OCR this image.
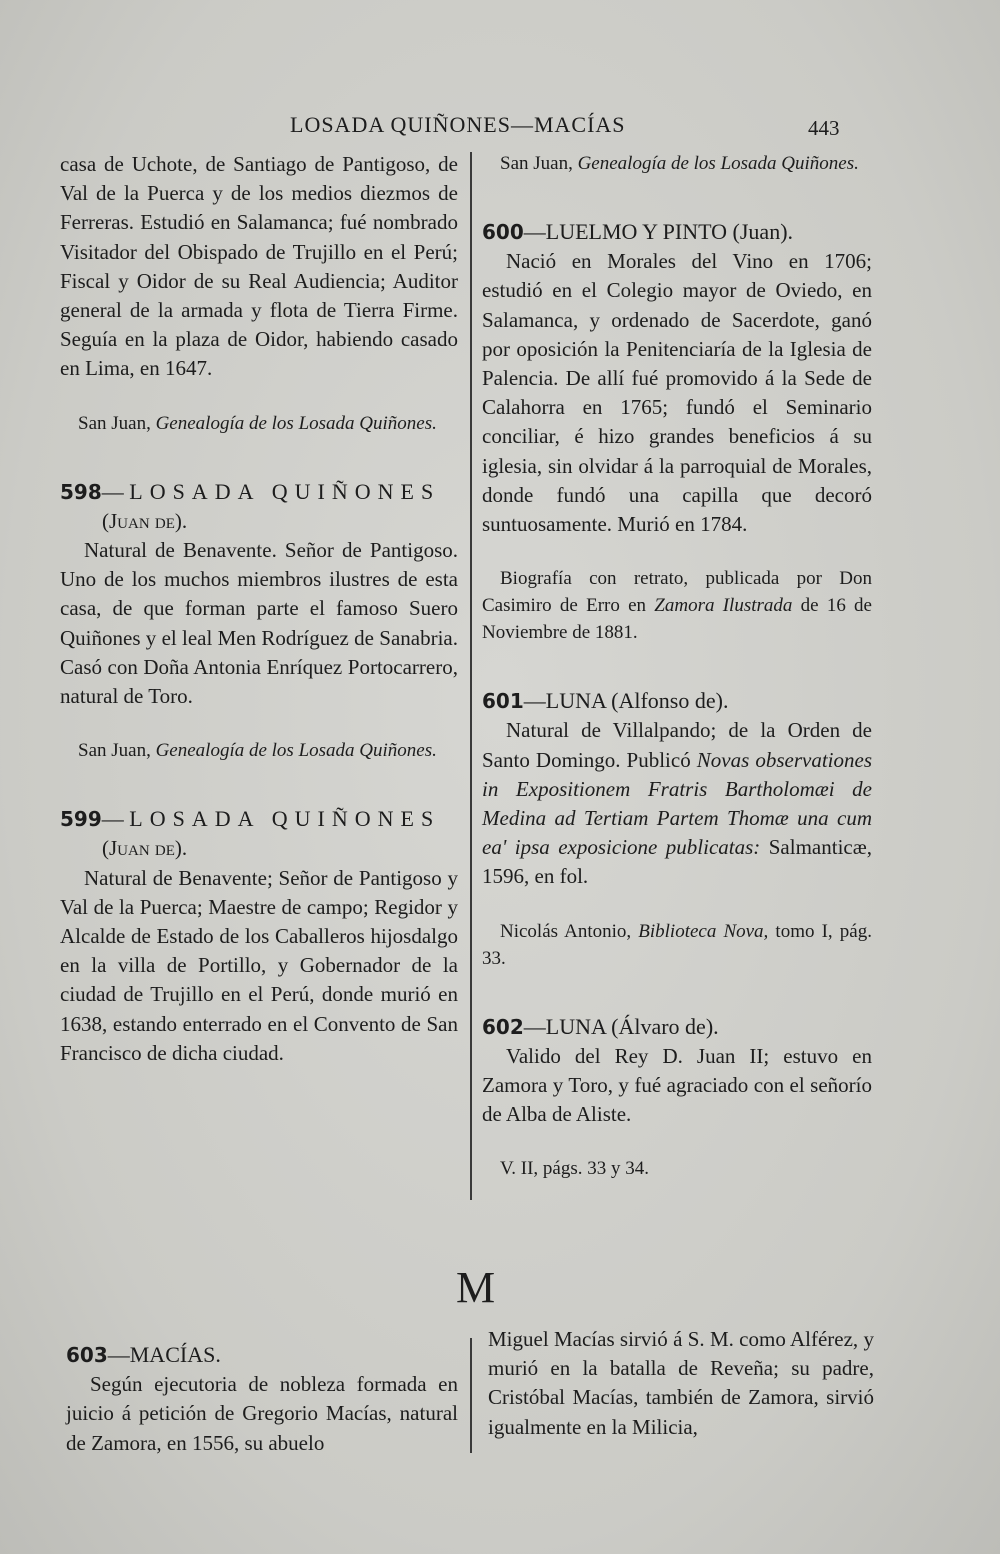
LOSADA QUIÑONES—MACÍAS	443

casa de Uchote, de Santiago de Pantigoso, de Val de la Puerca y de los medios diezmos de Ferreras. Estudió en Salamanca; fué nombrado Visitador del Obispado de Trujillo en el Perú; Fiscal y Oidor de su Real Audiencia; Auditor general de la armada y flota de Tierra Firme. Seguía en la plaza de Oidor, habiendo casado en Lima, en 1647.

San Juan, Genealogía de los Losada Quiñones.

598— LOSADA QUIÑONES

(Juan de).

Natural de Benavente. Señor de Pantigoso. Uno de los muchos miembros ilustres de esta casa, de que forman parte el famoso Suero Quiñones y el leal Men Rodríguez de Sanabria. Casó con Doña Antonia Enríquez Portocarrero, natural de Toro.

San Juan, Genealogía de los Losada Quiñones.

599— LOSADA QUIÑONES

(Juan de).

Natural de Benavente; Señor de Pantigoso y Val de la Puerca; Maestre de campo; Regidor y Alcalde de Estado de los Caballeros hijosdalgo en la villa de Portillo, y Gobernador de la ciudad de Trujillo en el Perú, donde murió en 1638, estando enterrado en el Convento de San Francisco de dicha ciudad.

San Juan, Genealogía de los Losada Quiñones.

600—LUELMO Y PINTO (Juan).

Nació en Morales del Vino en 1706; estudió en el Colegio mayor de Oviedo, en Salamanca, y ordenado de Sacerdote, ganó por oposición la Penitenciaría de la Iglesia de Palencia. De allí fué promovido á la Sede de Calahorra en 1765; fundó el Seminario conciliar, é hizo grandes beneficios á su iglesia, sin olvidar á la parroquial de Morales, donde fundó una capilla que decoró suntuosamente. Murió en 1784.

Biografía con retrato, publicada por Don Casimiro de Erro en Zamora Ilustrada de 16 de Noviembre de 1881.

601—LUNA (Alfonso de).

Natural de Villalpando; de la Orden de Santo Domingo. Publicó Novas observationes in Expositionem Fratris Bartholomæi de Medina ad Tertiam Partem Thomæ una cum ea' ipsa exposicione publicatas: Salmanticæ, 1596, en fol.

Nicolás Antonio, Biblioteca Nova, tomo I, pág. 33.

602—LUNA (Álvaro de).

Valido del Rey D. Juan II; estuvo en Zamora y Toro, y fué agraciado con el señorío de Alba de Aliste.

V. II, págs. 33 y 34.

M

603—MACÍAS.

Según ejecutoria de nobleza formada en juicio á petición de Gregorio Macías, natural de Zamora, en 1556, su abuelo

Miguel Macías sirvió á S. M. como Alférez, y murió en la batalla de Reveña; su padre, Cristóbal Macías, también de Zamora, sirvió igualmente en la Milicia,
